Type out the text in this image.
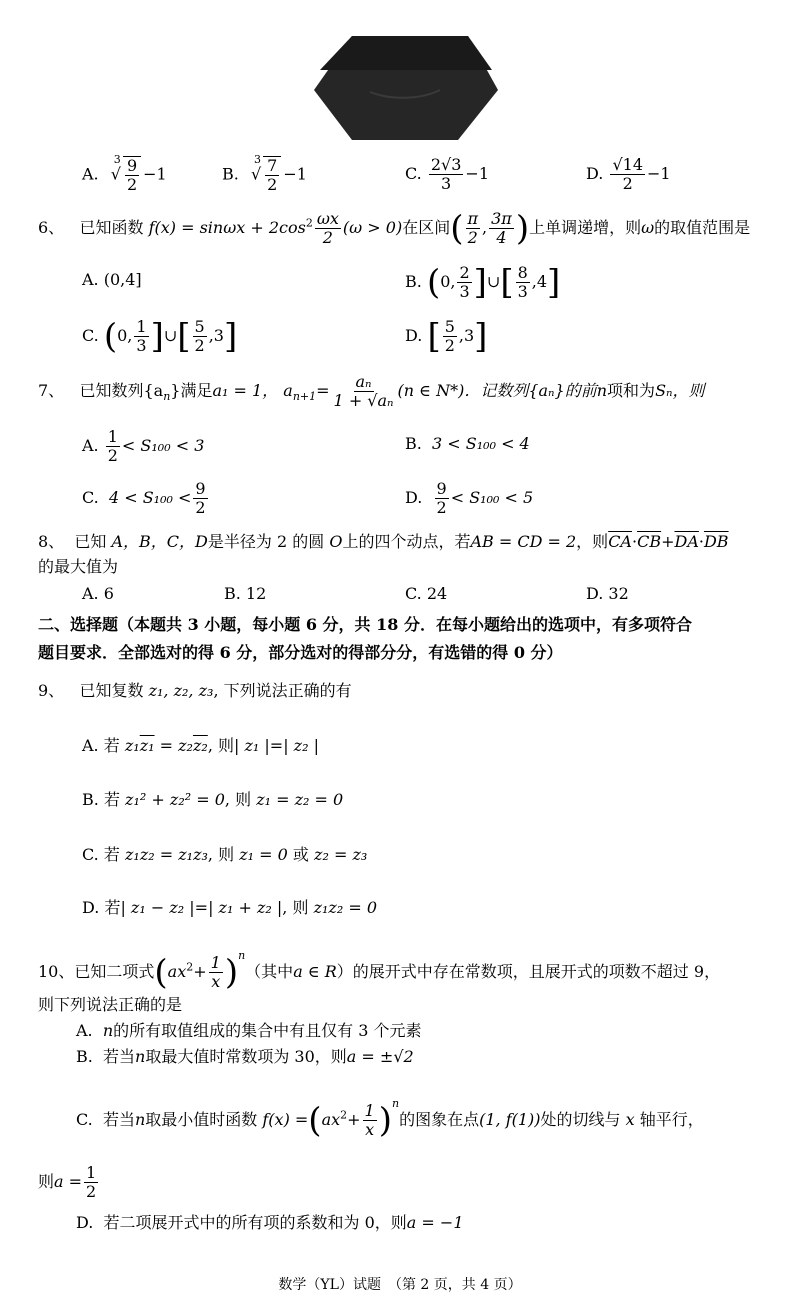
A. $^3√ \frac{9}{2} -1$	B. $^3√ \frac{7}{2} -1$	C. $\frac{2√3}{3} -1$	D. $\frac{√14}{2} -1$
6、 已知函数 $f(x) = \sin\omega x + 2\cos^2 \frac{\omega x}{2} (\omega > 0)$在区间( $\frac{\pi}{2}$ , $\frac{3\pi}{4}$ )上单调递增，则ω的取值范围是
A. (0,4]	B. (0, $\frac{2}{3}$ ]∪[ $\frac{8}{3} ,4$]
C. (0, $\frac{1}{3}$ ]∪[ $\frac{5}{2} ,3$]	D. [ $\frac{5}{2} ,3$]
7、 已知数列$\{a_n\}$满足a₁ = 1， $a_{n+1}= \frac{\text{aₙ}}{\text{1 + √aₙ}} (n$ ∈ N*)．记数列{aₙ}的前n项和为Sₙ，则
A. $\frac{1}{2} < S_{100} < 3$	B. 3 < S₁₀₀ < 4
C. $4 < S_{100} < \frac{9}{2}$	D. $\frac{9}{2} < S_{100} < 5$
8、 已知 A，B，C，D是半径为 2 的圆 O上的四个动点，若AB = CD = 2，则$\overline{CA}\cdot\overline{CB}+\overline{DA}\cdot\overline{DB}$
的最大值为
A. 6	B. 12	C. 24	D. 32
二、选择题（本题共 3 小题，每小题 6 分，共 18 分．在每小题给出的选项中，有多项符合
题目要求．全部选对的得 6 分，部分选对的得部分分，有选错的得 0 分）
9、 已知复数 z₁, z₂, z₃, 下列说法正确的有
A. 若 z₁z₁ = z₂z₂, 则| z₁ |=| z₂ |
B. 若 z₁² + z₂² = 0, 则 z₁ = z₂ = 0
C. 若 z₁z₂ = z₁z₃, 则 z₁ = 0 或 z₂ = z₃
D. 若| z₁ − z₂ |=| z₁ + z₂ |, 则 z₁z₂ = 0
10、已知二项式$(ax^2+ \frac{1}{x} )^n$（其中a ∈ R）的展开式中存在常数项，且展开式的项数不超过 9，
则下列说法正确的是
A. n的所有取值组成的集合中有且仅有 3 个元素
B. 若当n取最大值时常数项为 30，则a = ±√2
C. 若当n取最小值时函数 $f(x) =(ax^2+ \frac{1}{x} )^n$的图象在点(1, f(1))处的切线与 x 轴平行，
则$a = \frac{1}{2}$
D. 若二项展开式中的所有项的系数和为 0，则a = −1
数学（YL）试题　（第 2 页，共 4 页）
